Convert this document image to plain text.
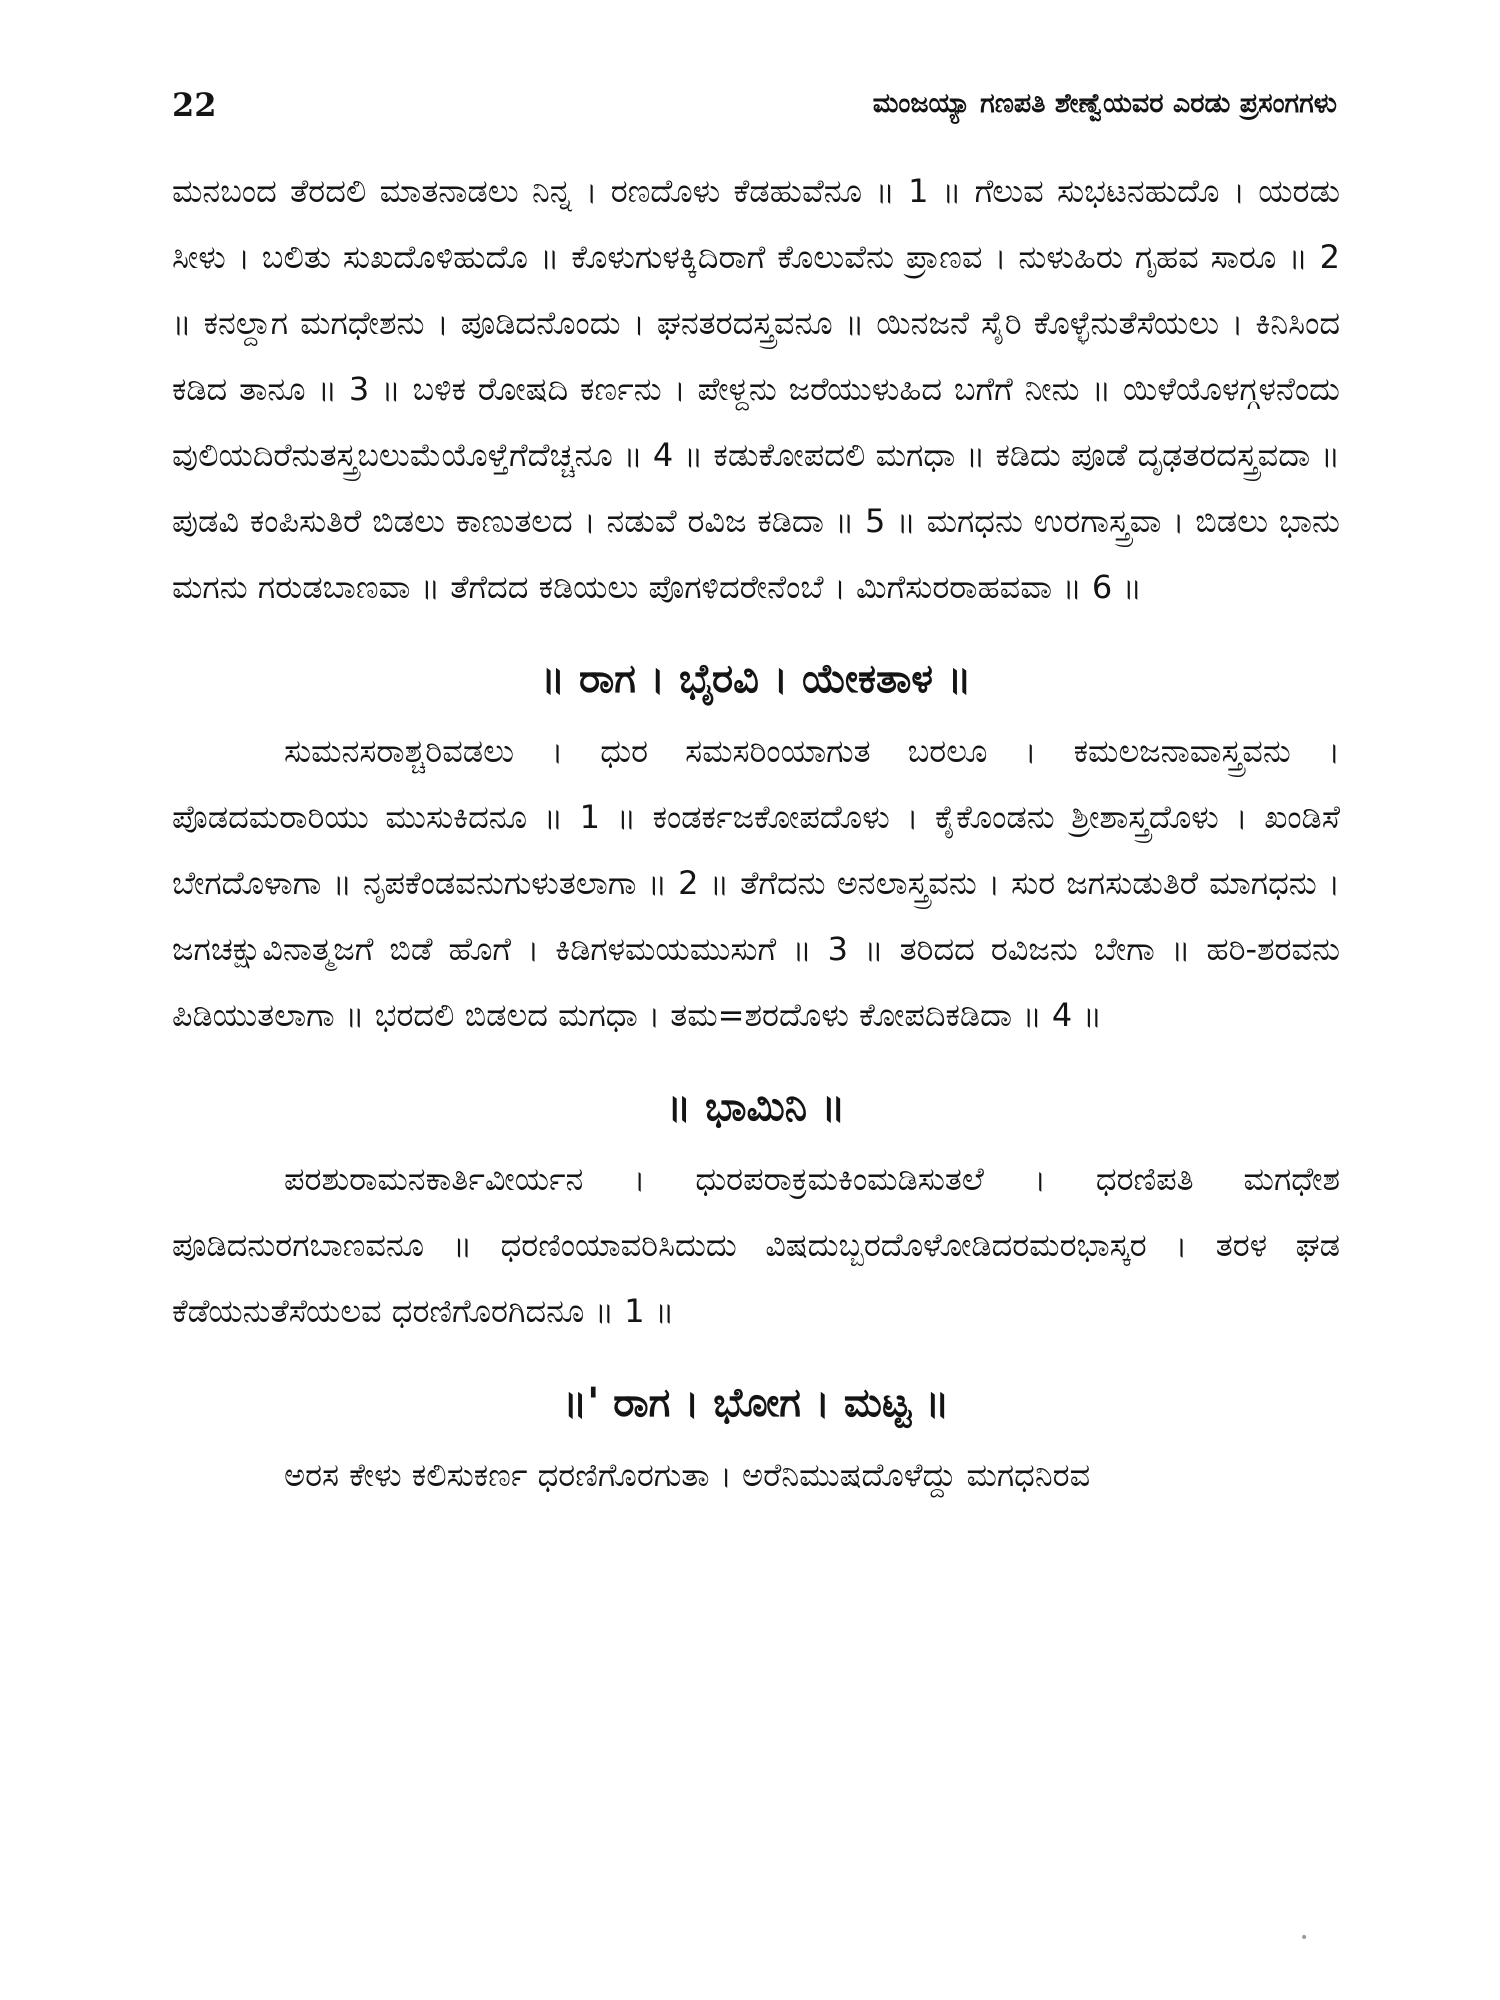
22	ಮಂಜಯ್ಯಾ ಗಣಪತಿ ಶೇಣ್ವೆಯವರ ಎರಡು ಪ್ರಸಂಗಗಳು

ಮನಬಂದ ತೆರದಲಿ ಮಾತನಾಡಲು ನಿನ್ನ । ರಣದೊಳು ಕೆಡಹುವೆನೂ ॥ 1 ॥ ಗೆಲುವ ಸುಭಟನಹುದೊ । ಯರಡು ಸೀಳು । ಬಲಿತು ಸುಖದೊಳಿಹುದೊ ॥ ಕೊಳುಗುಳಕ್ಕಿದಿರಾಗೆ ಕೊಲುವೆನು ಪ್ರಾಣವ । ನುಳುಹಿರು ಗೃಹವ ಸಾರೂ ॥ 2 ॥ ಕನಲ್ದಾಗ ಮಗಧೇಶನು । ಪೂಡಿದನೊಂದು । ಘನತರದಸ್ತ್ರವನೂ ॥ ಯಿನಜನೆ ಸೈರಿ ಕೊಳ್ಳೆನುತೆಸೆಯಲು । ಕಿನಿಸಿಂದ ಕಡಿದ ತಾನೂ ॥ 3 ॥ ಬಳಿಕ ರೋಷದಿ ಕರ್ಣನು । ಪೇಳ್ದನು ಜರೆಯುಳುಹಿದ ಬಗೆಗೆ ನೀನು ॥ ಯಿಳೆಯೊಳಗ್ಗಳನೆಂದು ವುಲಿಯದಿರೆನುತಸ್ತ್ರಬಲುಮೆಯೊಳ್ತೆಗೆದೆಚ್ಚನೂ ॥ 4 ॥ ಕಡುಕೋಪದಲಿ ಮಗಧಾ ॥ ಕಡಿದು ಪೂಡೆ ದೃಢತರದಸ್ತ್ರವದಾ ॥ ಪುಡವಿ ಕಂಪಿಸುತಿರೆ ಬಿಡಲು ಕಾಣುತಲದ । ನಡುವೆ ರವಿಜ ಕಡಿದಾ ॥ 5 ॥ ಮಗಧನು ಉರಗಾಸ್ತ್ರವಾ । ಬಿಡಲು ಭಾನು ಮಗನು ಗರುಡಬಾಣವಾ ॥ ತೆಗೆದದ ಕಡಿಯಲು ಪೊಗಳಿದರೇನೆಂಬೆ । ಮಿಗೆಸುರರಾಹವವಾ ॥ 6 ॥

॥ ರಾಗ । ಭೈರವಿ । ಯೇಕತಾಳ ॥

ಸುಮನಸರಾಶ್ಚರಿವಡಲು । ಧುರ ಸಮಸರಿಂಯಾಗುತ ಬರಲೂ । ಕಮಲಜನಾವಾಸ್ತ್ರವನು । ಪೊಡದಮರಾರಿಯು ಮುಸುಕಿದನೂ ॥ 1 ॥ ಕಂಡರ್ಕಜಕೋಪದೊಳು । ಕೈಕೊಂಡನು ಶ್ರೀಶಾಸ್ತ್ರದೊಳು । ಖಂಡಿಸೆ ಬೇಗದೊಳಾಗಾ ॥ ನೃಪಕೆಂಡವನುಗುಳುತಲಾಗಾ ॥ 2 ॥ ತೆಗೆದನು ಅನಲಾಸ್ತ್ರವನು । ಸುರ ಜಗಸುಡುತಿರೆ ಮಾಗಧನು । ಜಗಚಕ್ಷುವಿನಾತ್ಮಜಗೆ ಬಿಡೆ ಹೊಗೆ । ಕಿಡಿಗಳಮಯಮುಸುಗೆ ॥ 3 ॥ ತರಿದದ ರವಿಜನು ಬೇಗಾ ॥ ಹರಿ-ಶರವನು ಪಿಡಿಯುತಲಾಗಾ ॥ ಭರದಲಿ ಬಿಡಲದ ಮಗಧಾ । ತಮ=ಶರದೊಳು ಕೋಪದಿಕಡಿದಾ ॥ 4 ॥

॥ ಭಾಮಿನಿ ॥

ಪರಶುರಾಮನಕಾರ್ತಿವೀರ್ಯನ । ಧುರಪರಾಕ್ರಮಕಿಂಮಡಿಸುತಲೆ । ಧರಣಿಪತಿ ಮಗಧೇಶ ಪೂಡಿದನುರಗಬಾಣವನೂ ॥ ಧರಣಿಂಯಾವರಿಸಿದುದು ವಿಷದುಬ್ಬರದೊಳೋಡಿದರಮರಭಾಸ್ಕರ । ತರಳ ಘಡ ಕೆಡೆಯನುತೆಸೆಯಲವ ಧರಣಿಗೊರಗಿದನೂ ॥ 1 ॥

॥' ರಾಗ । ಭೋಗ । ಮಟ್ಟ ॥

ಅರಸ ಕೇಳು ಕಲಿಸುಕರ್ಣ ಧರಣಿಗೊರಗುತಾ । ಅರೆನಿಮುಷದೊಳೆದ್ದು ಮಗಧನಿರವ

•
